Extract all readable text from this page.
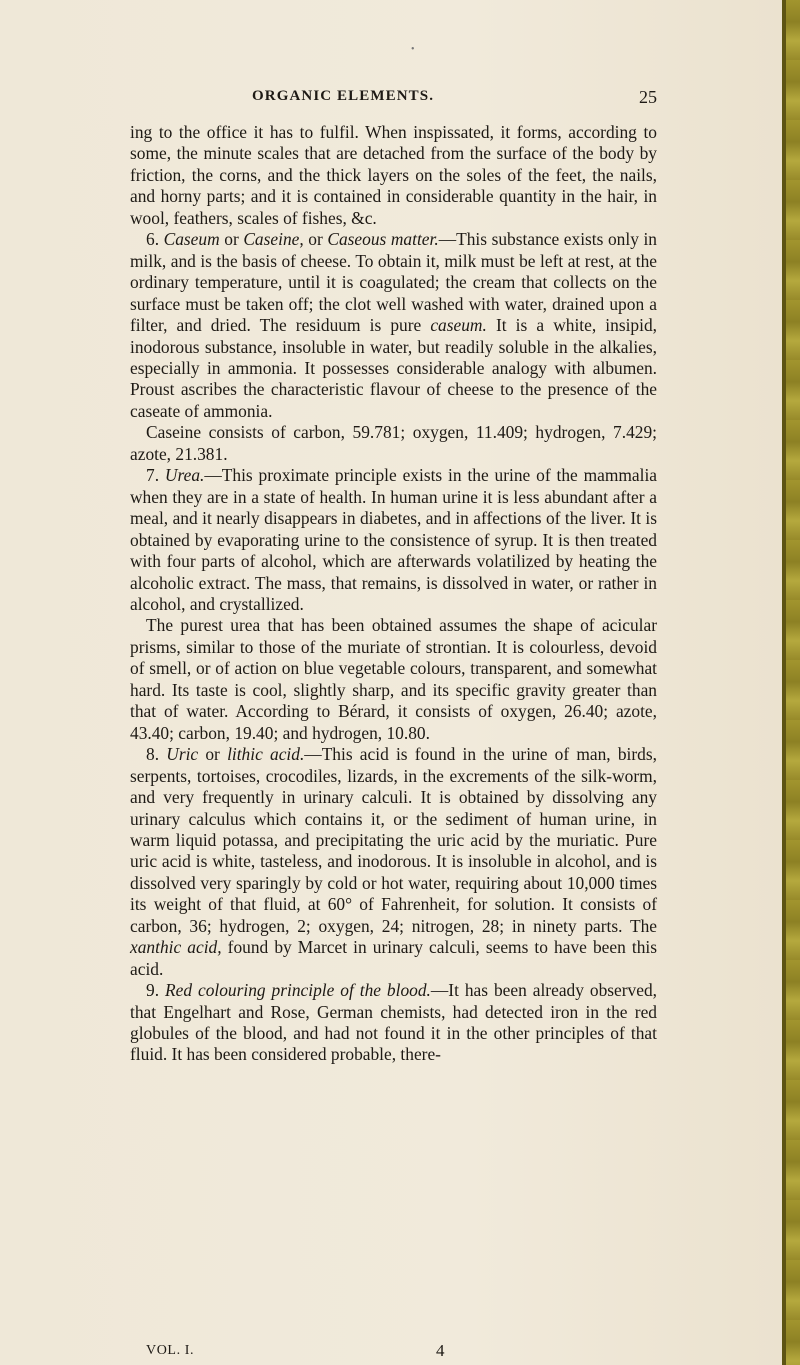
•
ORGANIC ELEMENTS.	25

ing to the office it has to fulfil. When inspissated, it forms, according to some, the minute scales that are detached from the surface of the body by friction, the corns, and the thick layers on the soles of the feet, the nails, and horny parts; and it is contained in considerable quantity in the hair, in wool, feathers, scales of fishes, &c.

6. Caseum or Caseine, or Caseous matter.—This substance exists only in milk, and is the basis of cheese. To obtain it, milk must be left at rest, at the ordinary temperature, until it is coagulated; the cream that collects on the surface must be taken off; the clot well washed with water, drained upon a filter, and dried. The residuum is pure caseum. It is a white, insipid, inodorous substance, insoluble in water, but readily soluble in the alkalies, especially in ammonia. It possesses considerable analogy with albumen. Proust ascribes the characteristic flavour of cheese to the presence of the caseate of ammonia.

Caseine consists of carbon, 59.781; oxygen, 11.409; hydrogen, 7.429; azote, 21.381.

7. Urea.—This proximate principle exists in the urine of the mammalia when they are in a state of health. In human urine it is less abundant after a meal, and it nearly disappears in diabetes, and in affections of the liver. It is obtained by evaporating urine to the consistence of syrup. It is then treated with four parts of alcohol, which are afterwards volatilized by heating the alcoholic extract. The mass, that remains, is dissolved in water, or rather in alcohol, and crystallized.

The purest urea that has been obtained assumes the shape of acicular prisms, similar to those of the muriate of strontian. It is colourless, devoid of smell, or of action on blue vegetable colours, transparent, and somewhat hard. Its taste is cool, slightly sharp, and its specific gravity greater than that of water. According to Bérard, it consists of oxygen, 26.40; azote, 43.40; carbon, 19.40; and hydrogen, 10.80.

8. Uric or lithic acid.—This acid is found in the urine of man, birds, serpents, tortoises, crocodiles, lizards, in the excrements of the silk-worm, and very frequently in urinary calculi. It is obtained by dissolving any urinary calculus which contains it, or the sediment of human urine, in warm liquid potassa, and precipitating the uric acid by the muriatic. Pure uric acid is white, tasteless, and inodorous. It is insoluble in alcohol, and is dissolved very sparingly by cold or hot water, requiring about 10,000 times its weight of that fluid, at 60° of Fahrenheit, for solution. It consists of carbon, 36; hydrogen, 2; oxygen, 24; nitrogen, 28; in ninety parts. The xanthic acid, found by Marcet in urinary calculi, seems to have been this acid.

9. Red colouring principle of the blood.—It has been already observed, that Engelhart and Rose, German chemists, had detected iron in the red globules of the blood, and had not found it in the other principles of that fluid. It has been considered probable, there-

VOL. I.	4
